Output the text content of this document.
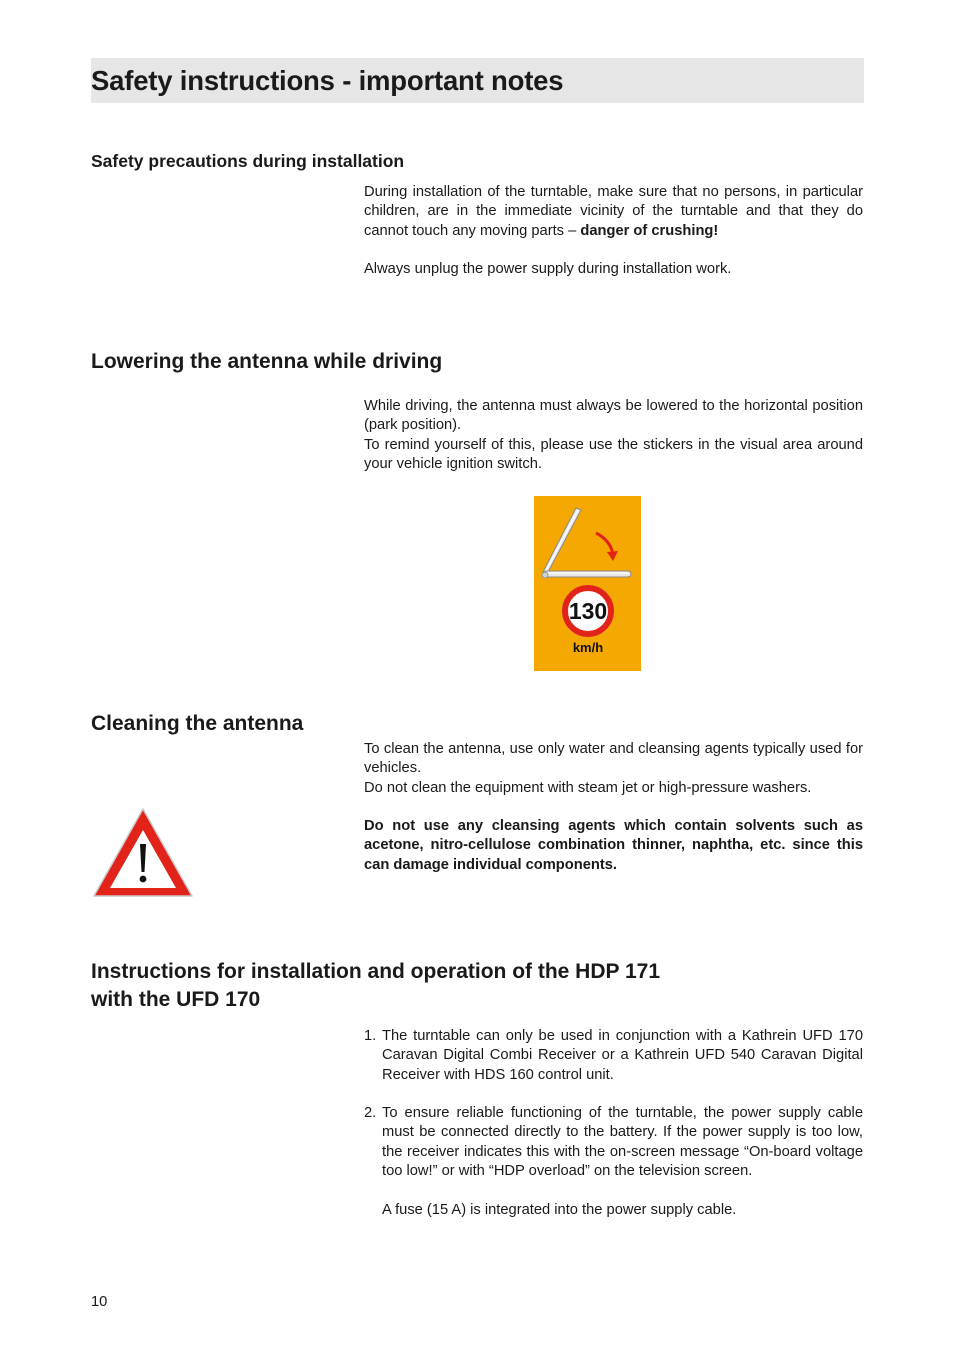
Safety instructions - important notes
Safety precautions during installation

During installation of the turntable, make sure that no persons, in particular children, are in the immediate vicinity of the turntable and that they do cannot touch any moving parts – danger of crushing!

Always unplug the power supply during installation work.

Lowering the antenna while driving

While driving, the antenna must always be lowered to the horizontal position (park position).

To remind yourself of this, please use the stickers in the visual area around your vehicle ignition switch.

130
km/h
Cleaning the antenna

To clean the antenna, use only water and cleansing agents typically used for vehicles.

Do not clean the equipment with steam jet or high-pressure washers.

Do not use any cleansing agents which contain solvents such as acetone, nitro-cellulose combination thinner, naphtha, etc. since this can damage individual components.

Instructions for installation and operation of the HDP 171
with the UFD 170
1. The turntable can only be used in conjunction with a Kathrein UFD 170 Caravan Digital Combi Receiver or a Kathrein UFD 540 Caravan Digital Receiver with HDS 160 control unit.
2. To ensure reliable functioning of the turntable, the power supply cable must be connected directly to the battery. If the power supply is too low, the receiver indicates this with the on-screen message “On-board voltage too low!” or with “HDP overload” on the television screen.
A fuse (15 A) is integrated into the power supply cable.
10
